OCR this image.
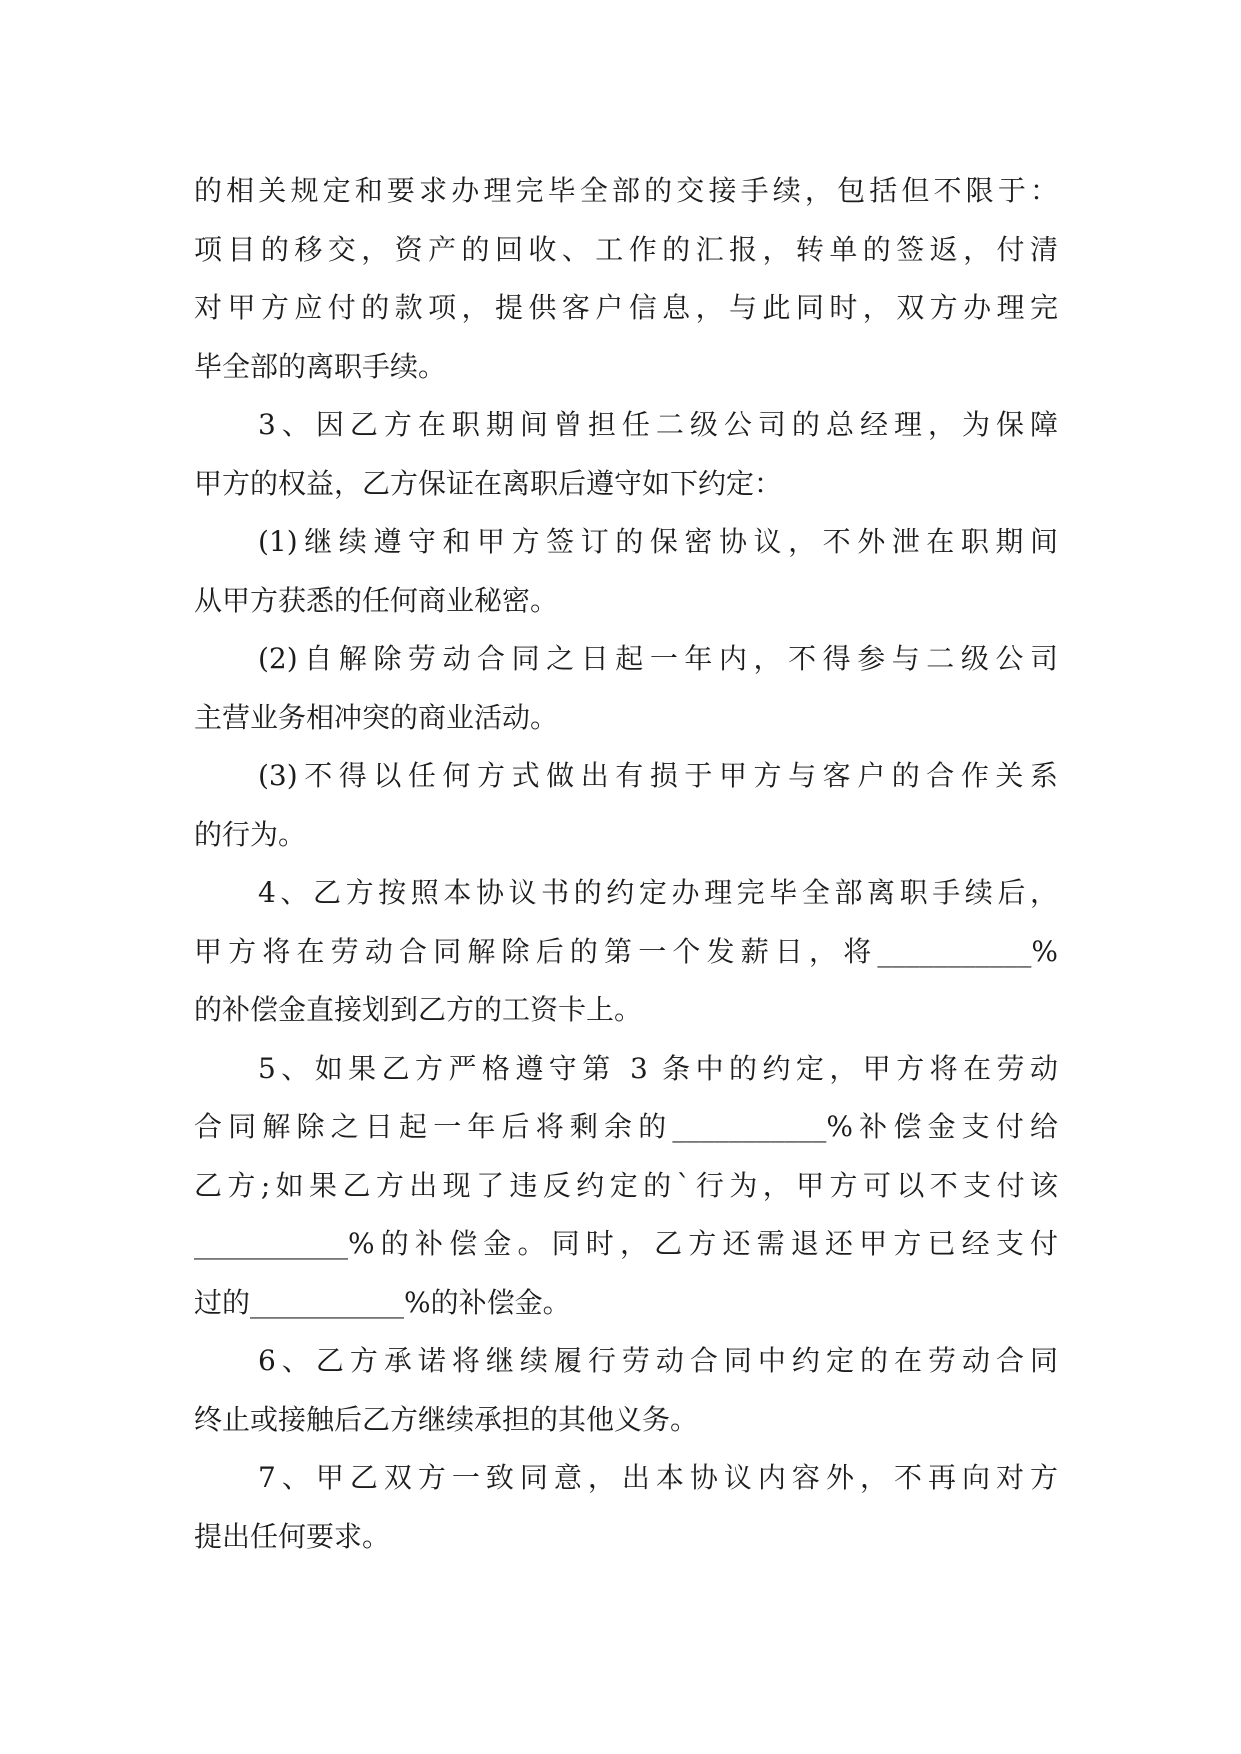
的相关规定和要求办理完毕全部的交接手续，包括但不限于：
项目的移交，资产的回收、工作的汇报，转单的签返，付清
对甲方应付的款项，提供客户信息，与此同时，双方办理完
毕全部的离职手续。
3、因乙方在职期间曾担任二级公司的总经理，为保障
甲方的权益，乙方保证在离职后遵守如下约定：
(1)继续遵守和甲方签订的保密协议，不外泄在职期间
从甲方获悉的任何商业秘密。
(2)自解除劳动合同之日起一年内，不得参与二级公司
主营业务相冲突的商业活动。
(3)不得以任何方式做出有损于甲方与客户的合作关系
的行为。
4、乙方按照本协议书的约定办理完毕全部离职手续后，
甲方将在劳动合同解除后的第一个发薪日，将___________%
的补偿金直接划到乙方的工资卡上。
5、如果乙方严格遵守第 3 条中的约定，甲方将在劳动
合同解除之日起一年后将剩余的___________%补偿金支付给
乙方;如果乙方出现了违反约定的`行为，甲方可以不支付该
___________%的补偿金。同时，乙方还需退还甲方已经支付
过的___________%的补偿金。
6、乙方承诺将继续履行劳动合同中约定的在劳动合同
终止或接触后乙方继续承担的其他义务。
7、甲乙双方一致同意，出本协议内容外，不再向对方
提出任何要求。
